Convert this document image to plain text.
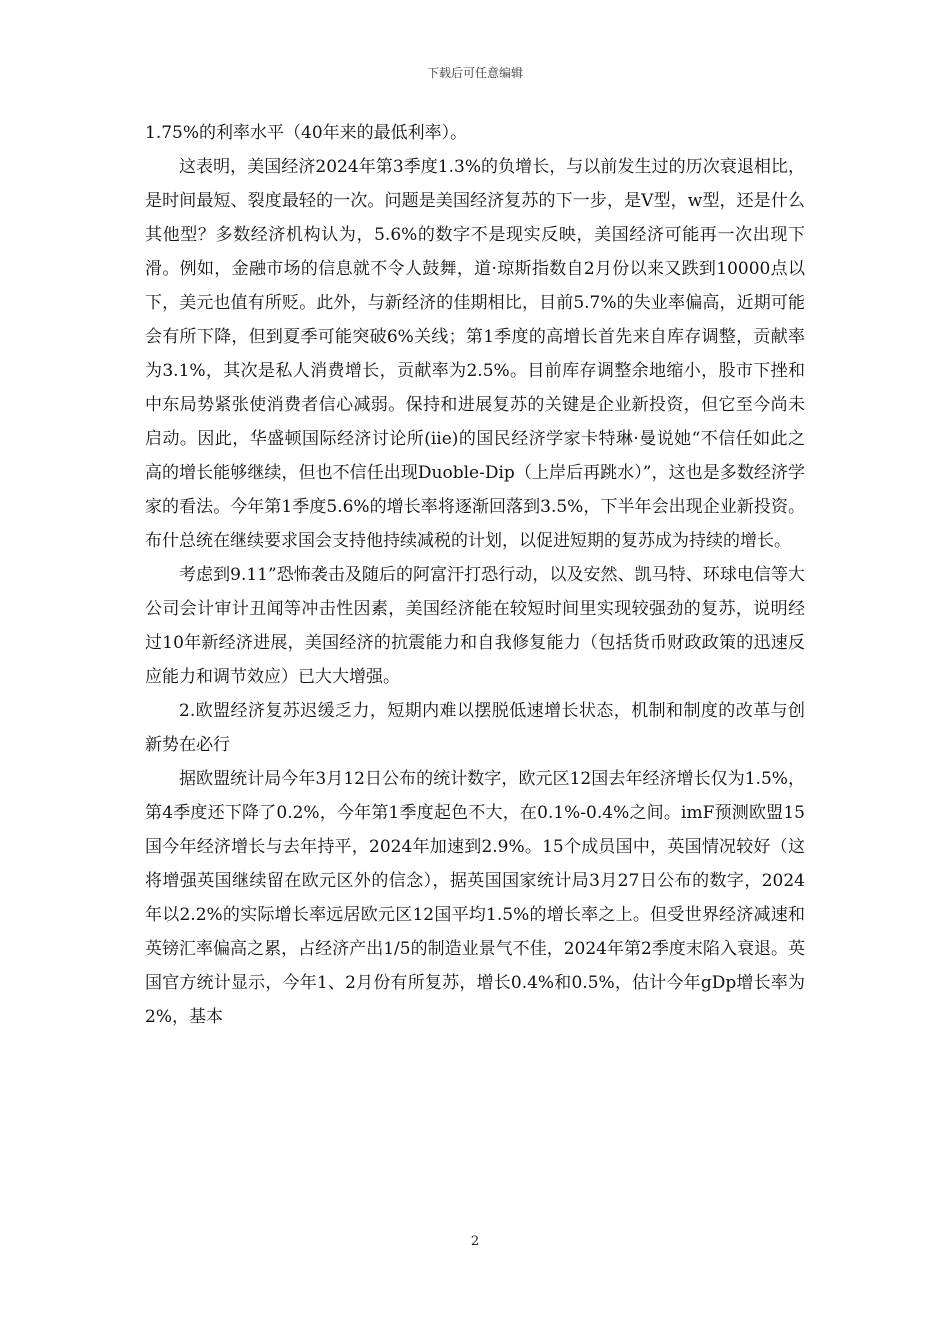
下载后可任意编辑

1.75%的利率水平（40年来的最低利率）。

这表明，美国经济2024年第3季度1.3%的负增长，与以前发生过的历次衰退相比，是时间最短、裂度最轻的一次。问题是美国经济复苏的下一步，是V型，w型，还是什么其他型？多数经济机构认为，5.6%的数字不是现实反映，美国经济可能再一次出现下滑。例如，金融市场的信息就不令人鼓舞，道·琼斯指数自2月份以来又跌到10000点以下，美元也值有所贬。此外，与新经济的佳期相比，目前5.7%的失业率偏高，近期可能会有所下降，但到夏季可能突破6%关线；第1季度的高增长首先来自库存调整，贡献率为3.1%，其次是私人消费增长，贡献率为2.5%。目前库存调整余地缩小，股市下挫和中东局势紧张使消费者信心减弱。保持和进展复苏的关键是企业新投资，但它至今尚未启动。因此，华盛顿国际经济讨论所(iie)的国民经济学家卡特琳·曼说她“不信任如此之高的增长能够继续，但也不信任出现Duoble-Dip（上岸后再跳水）”，这也是多数经济学家的看法。今年第1季度5.6%的增长率将逐渐回落到3.5%，下半年会出现企业新投资。布什总统在继续要求国会支持他持续减税的计划，以促进短期的复苏成为持续的增长。

考虑到9.11”恐怖袭击及随后的阿富汗打恐行动，以及安然、凯马特、环球电信等大公司会计审计丑闻等冲击性因素，美国经济能在较短时间里实现较强劲的复苏，说明经过10年新经济进展，美国经济的抗震能力和自我修复能力（包括货币财政政策的迅速反应能力和调节效应）已大大增强。

2.欧盟经济复苏迟缓乏力，短期内难以摆脱低速增长状态，机制和制度的改革与创新势在必行

据欧盟统计局今年3月12日公布的统计数字，欧元区12国去年经济增长仅为1.5%，第4季度还下降了0.2%，今年第1季度起色不大，在0.1%-0.4%之间。imF预测欧盟15国今年经济增长与去年持平，2024年加速到2.9%。15个成员国中，英国情况较好（这将增强英国继续留在欧元区外的信念），据英国国家统计局3月27日公布的数字，2024年以2.2%的实际增长率远居欧元区12国平均1.5%的增长率之上。但受世界经济减速和英镑汇率偏高之累，占经济产出1/5的制造业景气不佳，2024年第2季度末陷入衰退。英国官方统计显示，今年1、2月份有所复苏，增长0.4%和0.5%，估计今年gDp增长率为2%，基本

2
